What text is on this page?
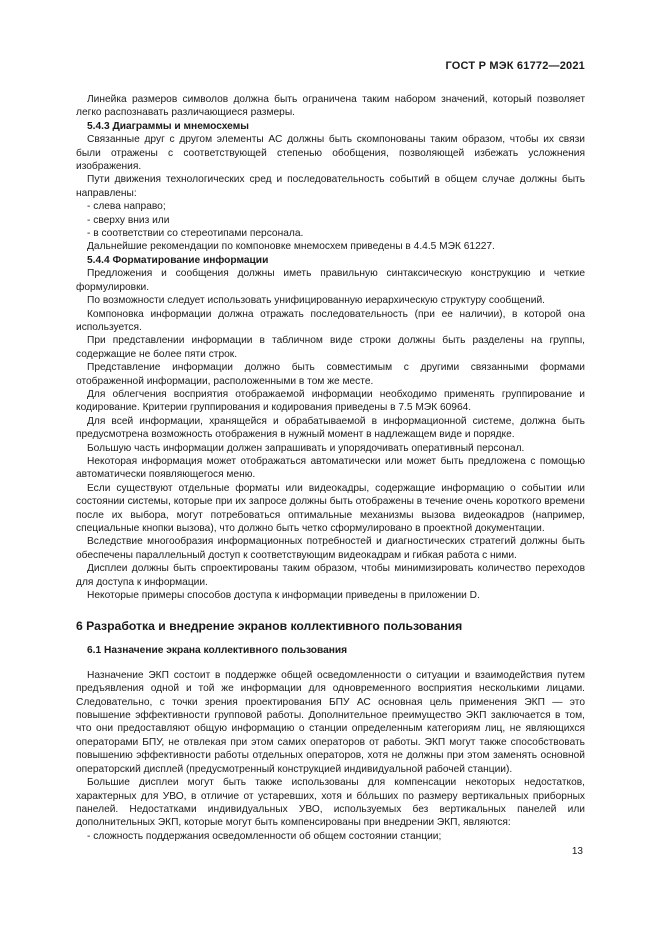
ГОСТ Р МЭК 61772—2021

Линейка размеров символов должна быть ограничена таким набором значений, который позволяет легко распознавать различающиеся размеры.

5.4.3 Диаграммы и мнемосхемы

Связанные друг с другом элементы АС должны быть скомпонованы таким образом, чтобы их связи были отражены с соответствующей степенью обобщения, позволяющей избежать усложнения изображения.

Пути движения технологических сред и последовательность событий в общем случае должны быть направлены:

- слева направо;

- сверху вниз или

- в соответствии со стереотипами персонала.

Дальнейшие рекомендации по компоновке мнемосхем приведены в 4.4.5 МЭК 61227.

5.4.4 Форматирование информации

Предложения и сообщения должны иметь правильную синтаксическую конструкцию и четкие формулировки.

По возможности следует использовать унифицированную иерархическую структуру сообщений.

Компоновка информации должна отражать последовательность (при ее наличии), в которой она используется.

При представлении информации в табличном виде строки должны быть разделены на группы, содержащие не более пяти строк.

Представление информации должно быть совместимым с другими связанными формами отображенной информации, расположенными в том же месте.

Для облегчения восприятия отображаемой информации необходимо применять группирование и кодирование. Критерии группирования и кодирования приведены в 7.5 МЭК 60964.

Для всей информации, хранящейся и обрабатываемой в информационной системе, должна быть предусмотрена возможность отображения в нужный момент в надлежащем виде и порядке.

Большую часть информации должен запрашивать и упорядочивать оперативный персонал.

Некоторая информация может отображаться автоматически или может быть предложена с помощью автоматически появляющегося меню.

Если существуют отдельные форматы или видеокадры, содержащие информацию о событии или состоянии системы, которые при их запросе должны быть отображены в течение очень короткого времени после их выбора, могут потребоваться оптимальные механизмы вызова видеокадров (например, специальные кнопки вызова), что должно быть четко сформулировано в проектной документации.

Вследствие многообразия информационных потребностей и диагностических стратегий должны быть обеспечены параллельный доступ к соответствующим видеокадрам и гибкая работа с ними.

Дисплеи должны быть спроектированы таким образом, чтобы минимизировать количество переходов для доступа к информации.

Некоторые примеры способов доступа к информации приведены в приложении D.

6 Разработка и внедрение экранов коллективного пользования

6.1 Назначение экрана коллективного пользования

Назначение ЭКП состоит в поддержке общей осведомленности о ситуации и взаимодействия путем предъявления одной и той же информации для одновременного восприятия несколькими лицами. Следовательно, с точки зрения проектирования БПУ АС основная цель применения ЭКП — это повышение эффективности групповой работы. Дополнительное преимущество ЭКП заключается в том, что они предоставляют общую информацию о станции определенным категориям лиц, не являющихся операторами БПУ, не отвлекая при этом самих операторов от работы. ЭКП могут также способствовать повышению эффективности работы отдельных операторов, хотя не должны при этом заменять основной операторский дисплей (предусмотренный конструкцией индивидуальной рабочей станции).

Большие дисплеи могут быть также использованы для компенсации некоторых недостатков, характерных для УВО, в отличие от устаревших, хотя и бо́льших по размеру вертикальных приборных панелей. Недостатками индивидуальных УВО, используемых без вертикальных панелей или дополнительных ЭКП, которые могут быть компенсированы при внедрении ЭКП, являются:

- сложность поддержания осведомленности об общем состоянии станции;

13
